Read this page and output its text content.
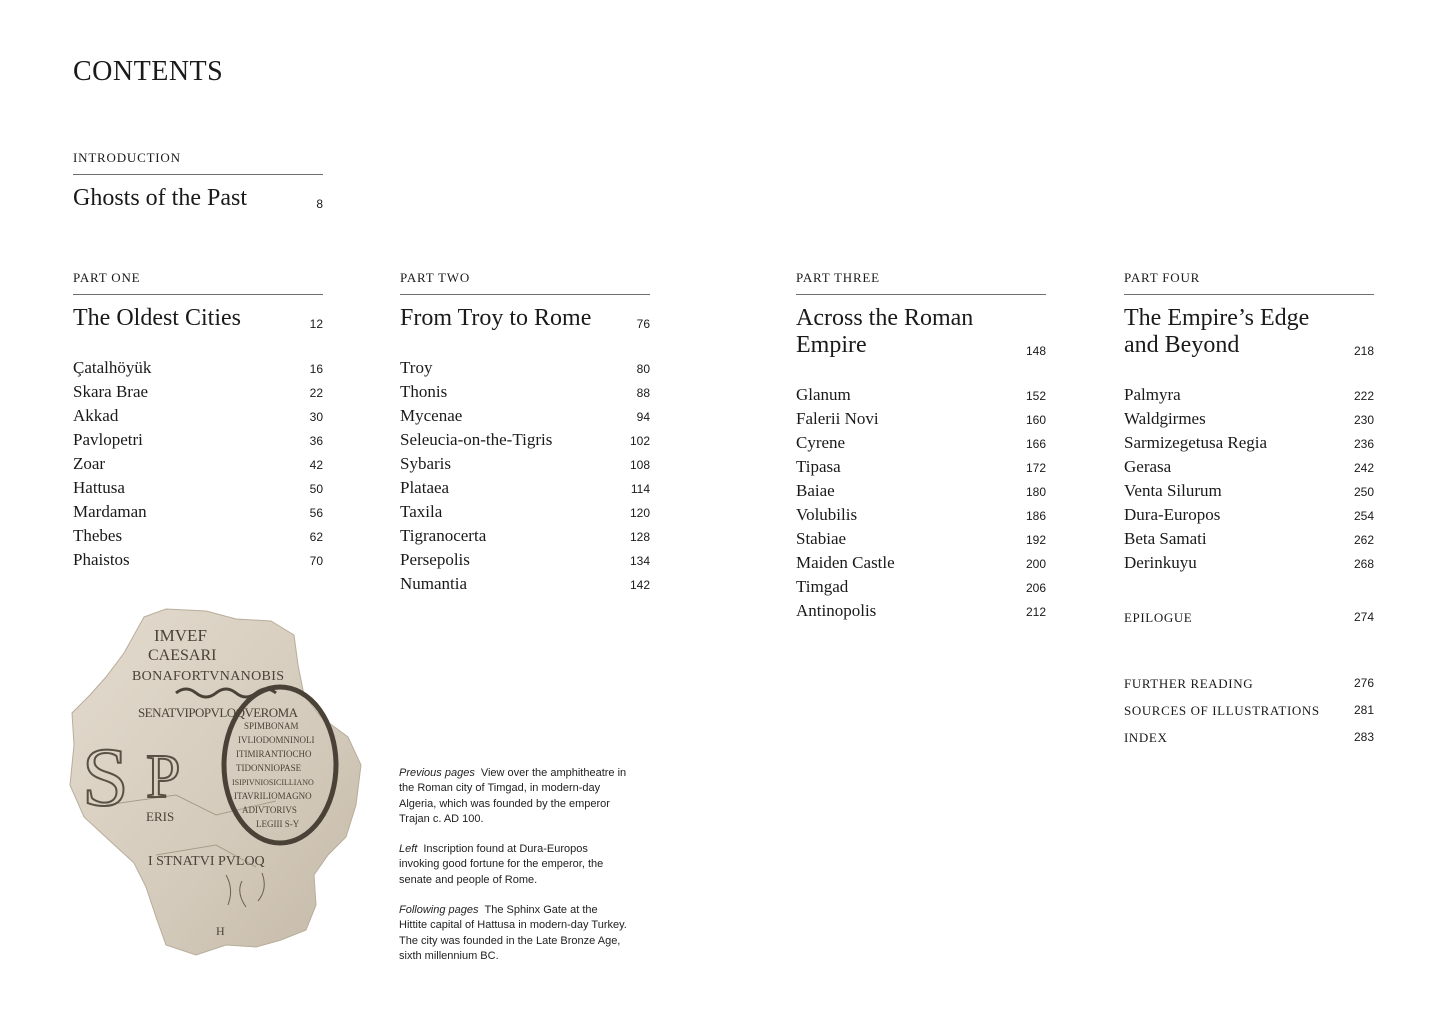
CONTENTS
INTRODUCTION
Ghosts of the Past	8
PART ONE
The Oldest Cities	12
Çatalhöyük	16
Skara Brae	22
Akkad	30
Pavlopetri	36
Zoar	42
Hattusa	50
Mardaman	56
Thebes	62
Phaistos	70
PART TWO
From Troy to Rome	76
Troy	80
Thonis	88
Mycenae	94
Seleucia-on-the-Tigris	102
Sybaris	108
Plataea	114
Taxila	120
Tigranocerta	128
Persepolis	134
Numantia	142
PART THREE
Across the Roman Empire	148
Glanum	152
Falerii Novi	160
Cyrene	166
Tipasa	172
Baiae	180
Volubilis	186
Stabiae	192
Maiden Castle	200
Timgad	206
Antinopolis	212
PART FOUR
The Empire’s Edge and Beyond	218
Palmyra	222
Waldgirmes	230
Sarmizegetusa Regia	236
Gerasa	242
Venta Silurum	250
Dura-Europos	254
Beta Samati	262
Derinkuyu	268
EPILOGUE	274
FURTHER READING	276
SOURCES OF ILLUSTRATIONS	281
INDEX	283
IMVEF
CAESARI
BONAFORTVNANOBIS
SENATVIPOPVLOQVEROMA
S P
SPIMBONAM
IVLIODOMNINOLI
ITIMIRANTIOCHO
TIDONNIOPASE
ISIPIVNIOSICILLIANO
ITAVRILIOMAGNO
ADIVTORIVS
LEGIII S-Y
ERIS
I STNATVI PVLOQ
H

Previous pages View over the amphitheatre in the Roman city of Timgad, in modern-day Algeria, which was founded by the emperor Trajan c. AD 100.

Left Inscription found at Dura-Europos invoking good fortune for the emperor, the senate and people of Rome.

Following pages The Sphinx Gate at the Hittite capital of Hattusa in modern-day Turkey. The city was founded in the Late Bronze Age, sixth millennium BC.
